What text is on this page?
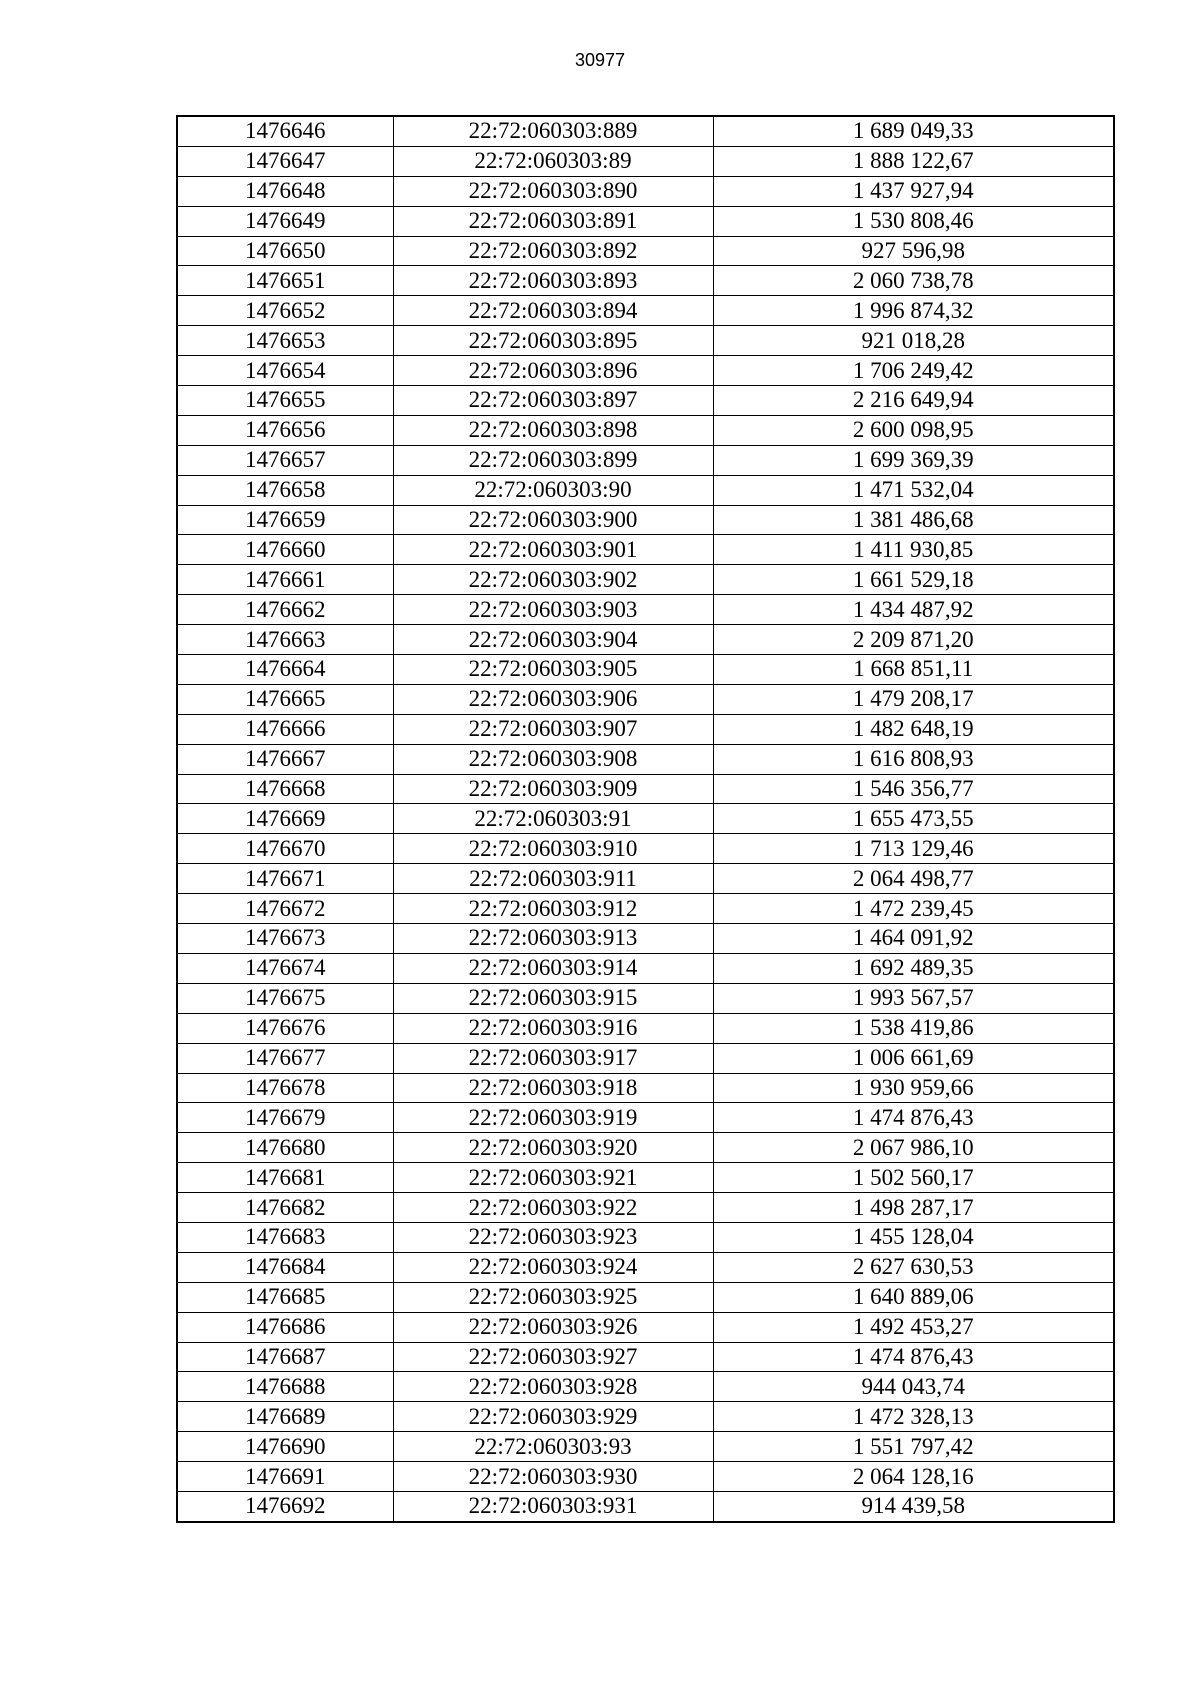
30977
1476646	22:72:060303:889	1 689 049,33
1476647	22:72:060303:89	1 888 122,67
1476648	22:72:060303:890	1 437 927,94
1476649	22:72:060303:891	1 530 808,46
1476650	22:72:060303:892	927 596,98
1476651	22:72:060303:893	2 060 738,78
1476652	22:72:060303:894	1 996 874,32
1476653	22:72:060303:895	921 018,28
1476654	22:72:060303:896	1 706 249,42
1476655	22:72:060303:897	2 216 649,94
1476656	22:72:060303:898	2 600 098,95
1476657	22:72:060303:899	1 699 369,39
1476658	22:72:060303:90	1 471 532,04
1476659	22:72:060303:900	1 381 486,68
1476660	22:72:060303:901	1 411 930,85
1476661	22:72:060303:902	1 661 529,18
1476662	22:72:060303:903	1 434 487,92
1476663	22:72:060303:904	2 209 871,20
1476664	22:72:060303:905	1 668 851,11
1476665	22:72:060303:906	1 479 208,17
1476666	22:72:060303:907	1 482 648,19
1476667	22:72:060303:908	1 616 808,93
1476668	22:72:060303:909	1 546 356,77
1476669	22:72:060303:91	1 655 473,55
1476670	22:72:060303:910	1 713 129,46
1476671	22:72:060303:911	2 064 498,77
1476672	22:72:060303:912	1 472 239,45
1476673	22:72:060303:913	1 464 091,92
1476674	22:72:060303:914	1 692 489,35
1476675	22:72:060303:915	1 993 567,57
1476676	22:72:060303:916	1 538 419,86
1476677	22:72:060303:917	1 006 661,69
1476678	22:72:060303:918	1 930 959,66
1476679	22:72:060303:919	1 474 876,43
1476680	22:72:060303:920	2 067 986,10
1476681	22:72:060303:921	1 502 560,17
1476682	22:72:060303:922	1 498 287,17
1476683	22:72:060303:923	1 455 128,04
1476684	22:72:060303:924	2 627 630,53
1476685	22:72:060303:925	1 640 889,06
1476686	22:72:060303:926	1 492 453,27
1476687	22:72:060303:927	1 474 876,43
1476688	22:72:060303:928	944 043,74
1476689	22:72:060303:929	1 472 328,13
1476690	22:72:060303:93	1 551 797,42
1476691	22:72:060303:930	2 064 128,16
1476692	22:72:060303:931	914 439,58
